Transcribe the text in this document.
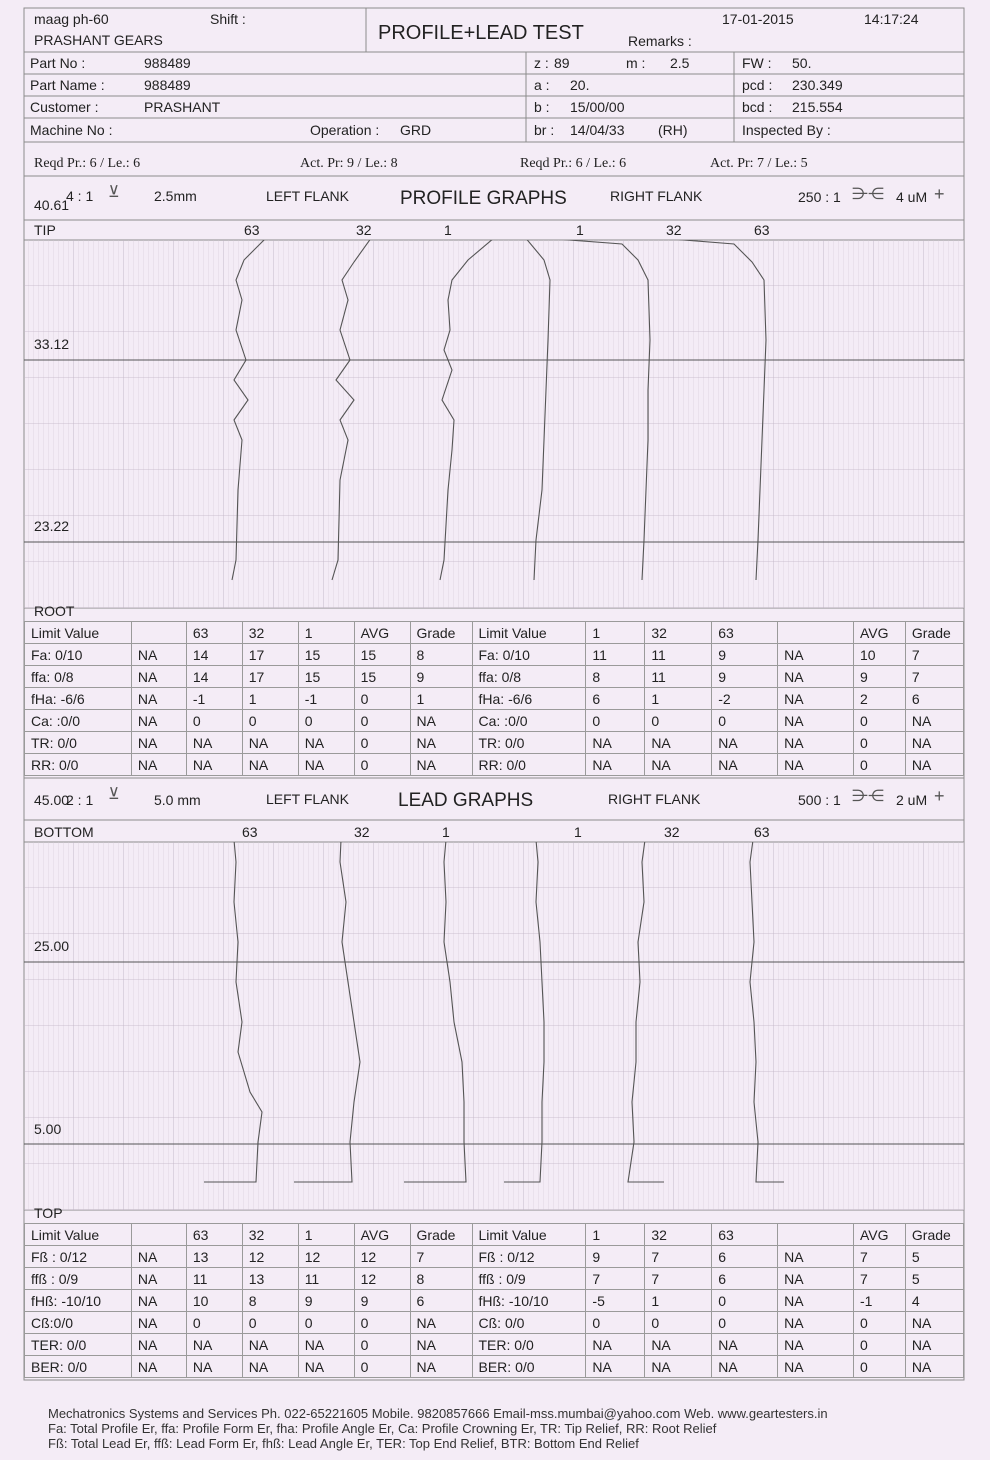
maag ph-60
PRASHANT GEARS
Shift :
PROFILE+LEAD TEST	Remarks :
17-01-2015	14:17:24
Part No :	988489
Part Name :	988489
Customer :	PRASHANT
Machine No :	Operation : GRD
z : 89	m : 2.5
a : 20.
b : 15/00/00
br : 14/04/33 (RH)
FW : 50.
pcd : 230.349
bcd : 215.554
Inspected By :
Reqd Pr.: 6 / Le.: 6	Act. Pr: 9 / Le.: 8	Reqd Pr.: 6 / Le.: 6	Act. Pr: 7 / Le.: 5
40.61
4 : 1 ⊻ 2.5mm	LEFT FLANK	PROFILE GRAPHS	RIGHT FLANK	250 : 1 ⋺⋲ 4 uM +
TIP	63	32	1	1	32	63
33.12
23.22
ROOT
Limit Value		63	32	1	AVG	Grade	Limit Value	1	32	63		AVG	Grade
Fa: 0/10	NA	14	17	15	15	8	Fa: 0/10	11	11	9	NA	10	7
ffa: 0/8	NA	14	17	15	15	9	ffa: 0/8	8	11	9	NA	9	7
fHa: -6/6	NA	-1	1	-1	0	1	fHa: -6/6	6	1	-2	NA	2	6
Ca: :0/0	NA	0	0	0	0	NA	Ca: :0/0	0	0	0	NA	0	NA
TR: 0/0	NA	NA	NA	NA	0	NA	TR: 0/0	NA	NA	NA	NA	0	NA
RR: 0/0	NA	NA	NA	NA	0	NA	RR: 0/0	NA	NA	NA	NA	0	NA
45.00
2 : 1 ⊻ 5.0 mm	LEFT FLANK	LEAD GRAPHS	RIGHT FLANK	500 : 1 ⋺⋲ 2 uM +
BOTTOM	63	32	1	1	32	63
25.00
5.00
TOP
Limit Value		63	32	1	AVG	Grade	Limit Value	1	32	63		AVG	Grade
Fß : 0/12	NA	13	12	12	12	7	Fß : 0/12	9	7	6	NA	7	5
ffß : 0/9	NA	11	13	11	12	8	ffß : 0/9	7	7	6	NA	7	5
fHß: -10/10	NA	10	8	9	9	6	fHß: -10/10	-5	1	0	NA	-1	4
Cß:0/0	NA	0	0	0	0	NA	Cß: 0/0	0	0	0	NA	0	NA
TER: 0/0	NA	NA	NA	NA	0	NA	TER: 0/0	NA	NA	NA	NA	0	NA
BER: 0/0	NA	NA	NA	NA	0	NA	BER: 0/0	NA	NA	NA	NA	0	NA
Mechatronics Systems and Services Ph. 022-65221605 Mobile. 9820857666 Email-mss.mumbai@yahoo.com Web. www.geartesters.in
Fa: Total Profile Er, ffa: Profile Form Er, fha: Profile Angle Er, Ca: Profile Crowning Er, TR: Tip Relief, RR: Root Relief
Fß: Total Lead Er, ffß: Lead Form Er, fhß: Lead Angle Er, TER: Top End Relief, BTR: Bottom End Relief
